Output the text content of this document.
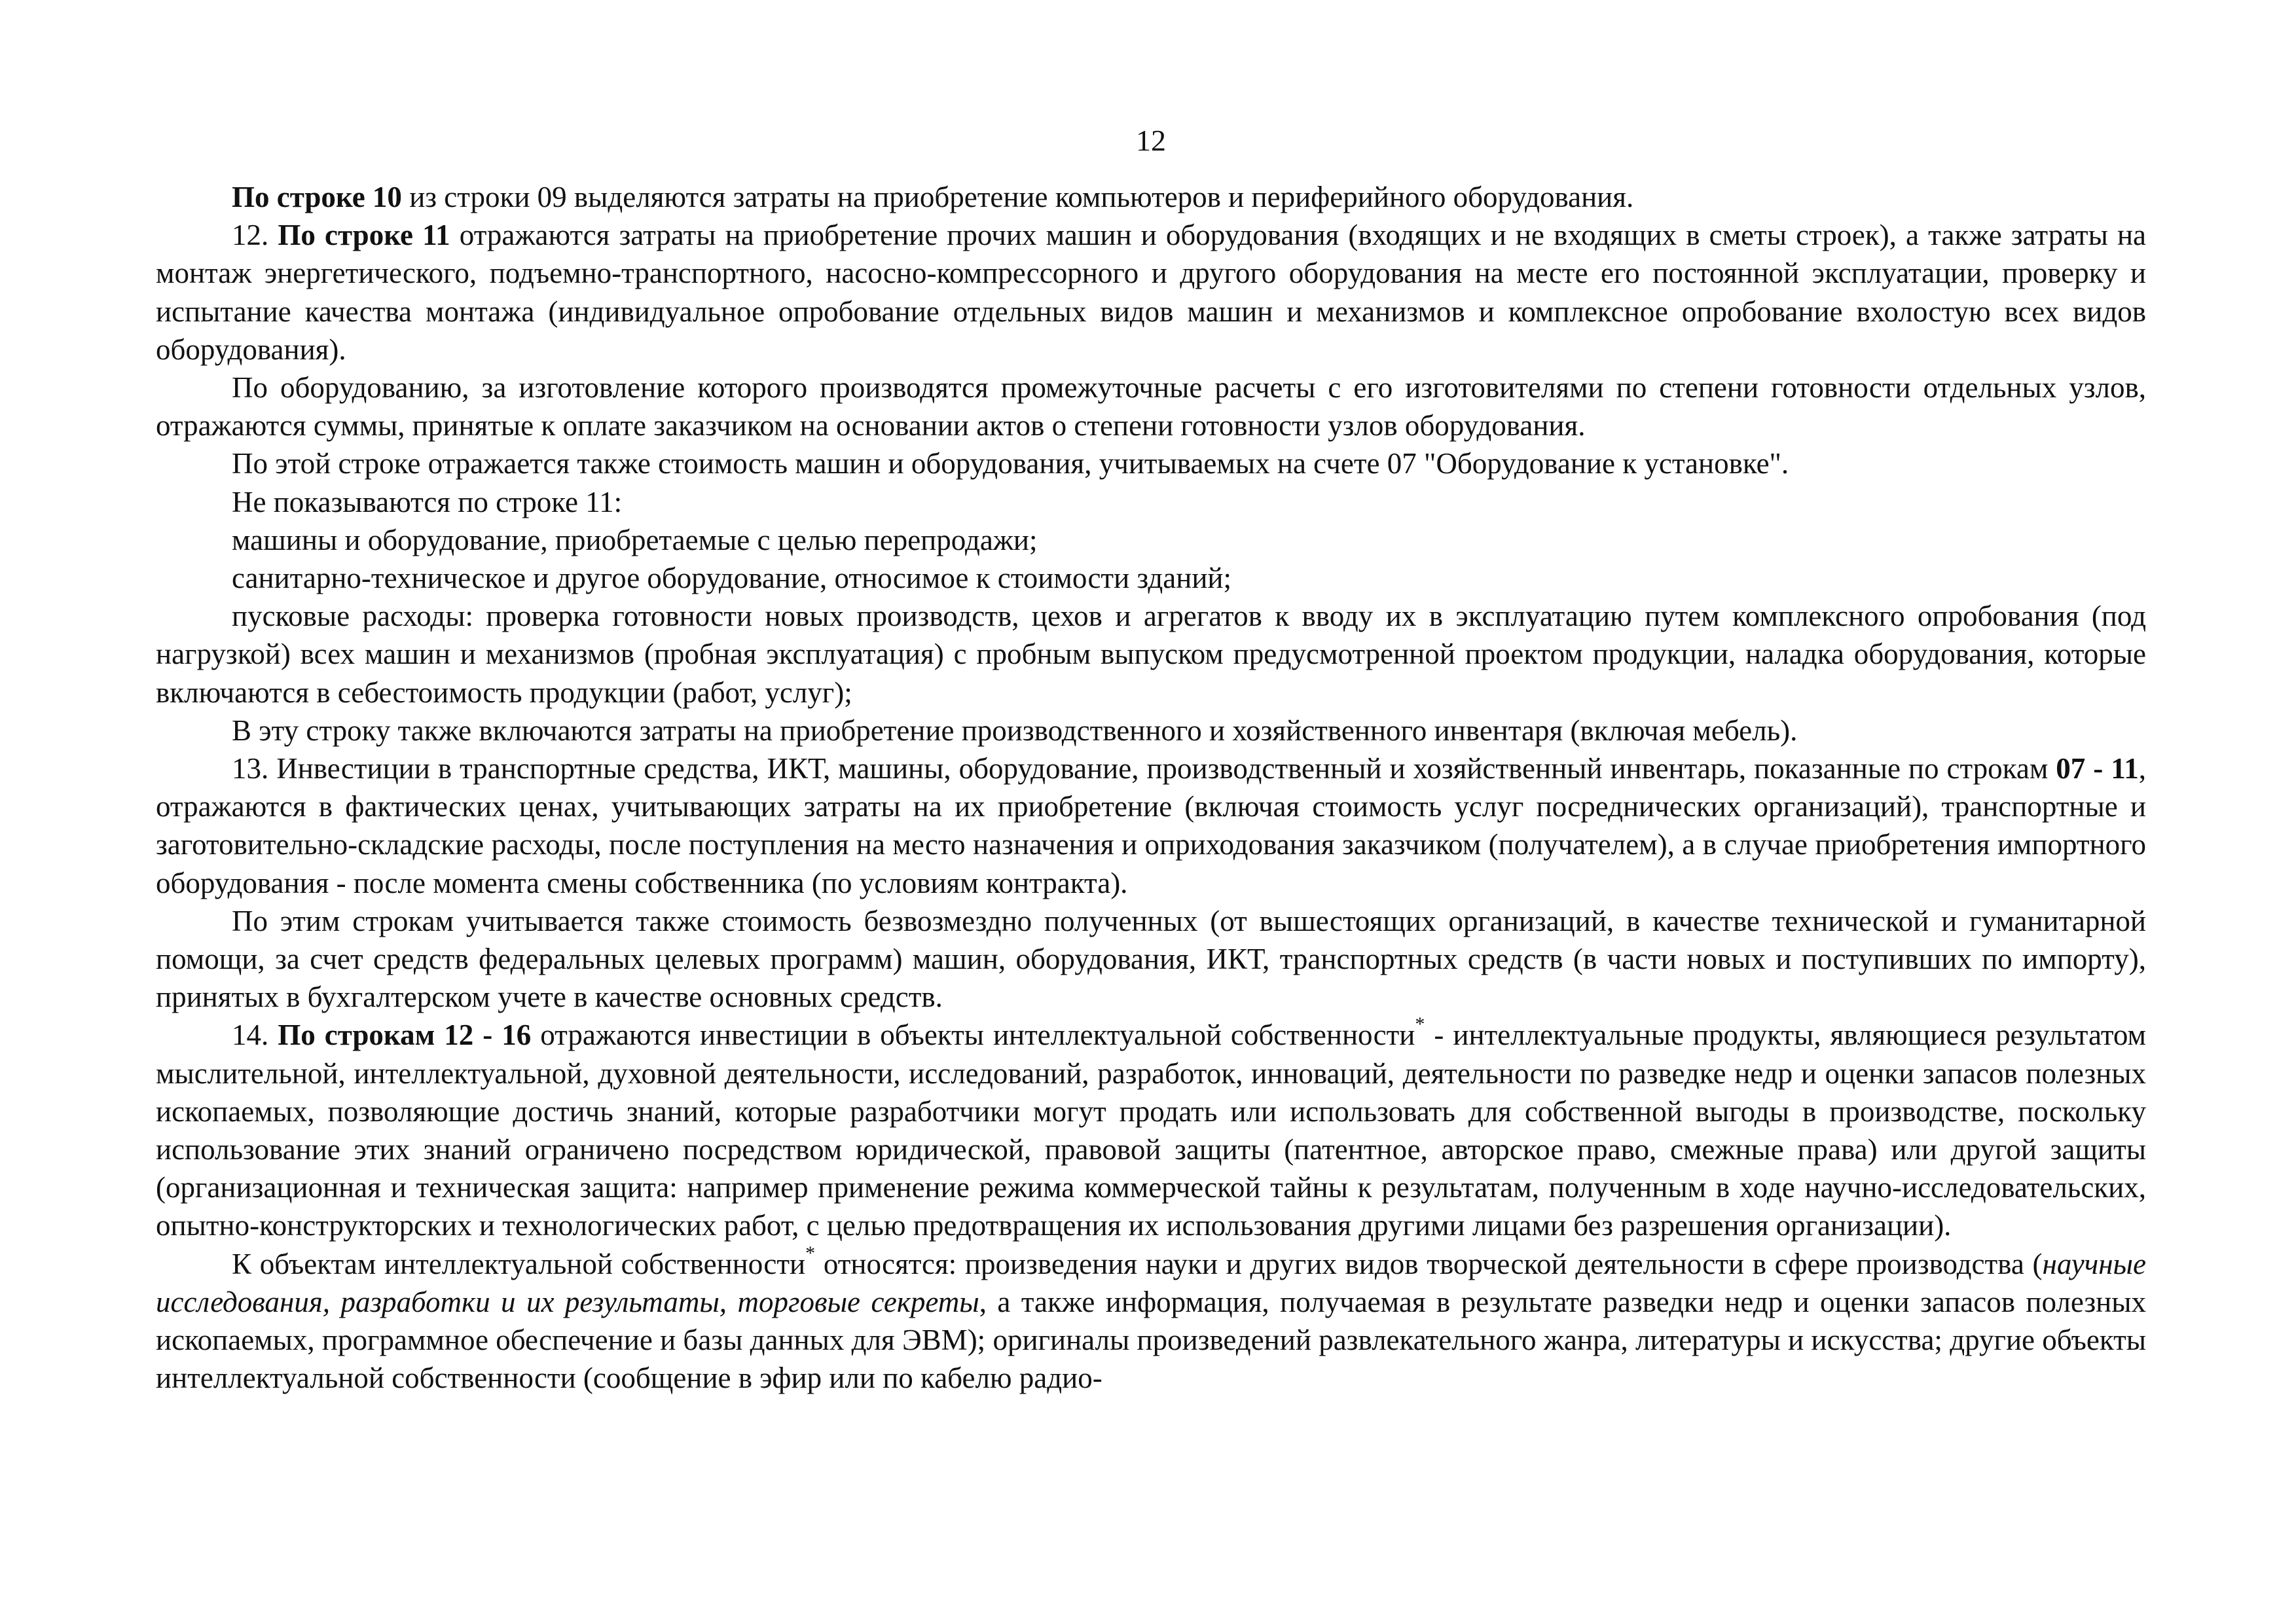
12

По строке 10 из строки 09 выделяются затраты на приобретение компьютеров и периферийного оборудования.

12. По строке 11 отражаются затраты на приобретение прочих машин и оборудования (входящих и не входящих в сметы строек), а также затраты на монтаж энергетического, подъемно-транспортного, насосно-компрессорного и другого оборудования на месте его постоянной эксплуатации, проверку и испытание качества монтажа (индивидуальное опробование отдельных видов машин и механизмов и комплексное опробование вхолостую всех видов оборудования).

По оборудованию, за изготовление которого производятся промежуточные расчеты с его изготовителями по степени готовности отдельных узлов, отражаются суммы, принятые к оплате заказчиком на основании актов о степени готовности узлов оборудования.

По этой строке отражается также стоимость машин и оборудования, учитываемых на счете 07 "Оборудование к установке".

Не показываются по строке 11:

машины и оборудование, приобретаемые с целью перепродажи;

санитарно-техническое и другое оборудование, относимое к стоимости зданий;

пусковые расходы: проверка готовности новых производств, цехов и агрегатов к вводу их в эксплуатацию путем комплексного опробования (под нагрузкой) всех машин и механизмов (пробная эксплуатация) с пробным выпуском предусмотренной проектом продукции, наладка оборудования, которые включаются в себестоимость продукции (работ, услуг);

В эту строку также включаются затраты на приобретение производственного и хозяйственного инвентаря (включая мебель).

13. Инвестиции в транспортные средства, ИКТ, машины, оборудование, производственный и хозяйственный инвентарь, показанные по строкам 07 - 11, отражаются в фактических ценах, учитывающих затраты на их приобретение (включая стоимость услуг посреднических организаций), транспортные и заготовительно-складские расходы, после поступления на место назначения и оприходования заказчиком (получателем), а в случае приобретения импортного оборудования - после момента смены собственника (по условиям контракта).

По этим строкам учитывается также стоимость безвозмездно полученных (от вышестоящих организаций, в качестве технической и гуманитарной помощи, за счет средств федеральных целевых программ) машин, оборудования, ИКТ, транспортных средств (в части новых и поступивших по импорту), принятых в бухгалтерском учете в качестве основных средств.

14. По строкам 12 - 16 отражаются инвестиции в объекты интеллектуальной собственности* - интеллектуальные продукты, являющиеся результатом мыслительной, интеллектуальной, духовной деятельности, исследований, разработок, инноваций, деятельности по разведке недр и оценки запасов полезных ископаемых, позволяющие достичь знаний, которые разработчики могут продать или использовать для собственной выгоды в производстве, поскольку использование этих знаний ограничено посредством юридической, правовой защиты (патентное, авторское право, смежные права) или другой защиты (организационная и техническая защита: например применение режима коммерческой тайны к результатам, полученным в ходе научно-исследовательских, опытно-конструкторских и технологических работ, с целью предотвращения их использования другими лицами без разрешения организации).

К объектам интеллектуальной собственности* относятся: произведения науки и других видов творческой деятельности в сфере производства (научные исследования, разработки и их результаты, торговые секреты, а также информация, получаемая в результате разведки недр и оценки запасов полезных ископаемых, программное обеспечение и базы данных для ЭВМ); оригиналы произведений развлекательного жанра, литературы и искусства; другие объекты интеллектуальной собственности (сообщение в эфир или по кабелю радио-
